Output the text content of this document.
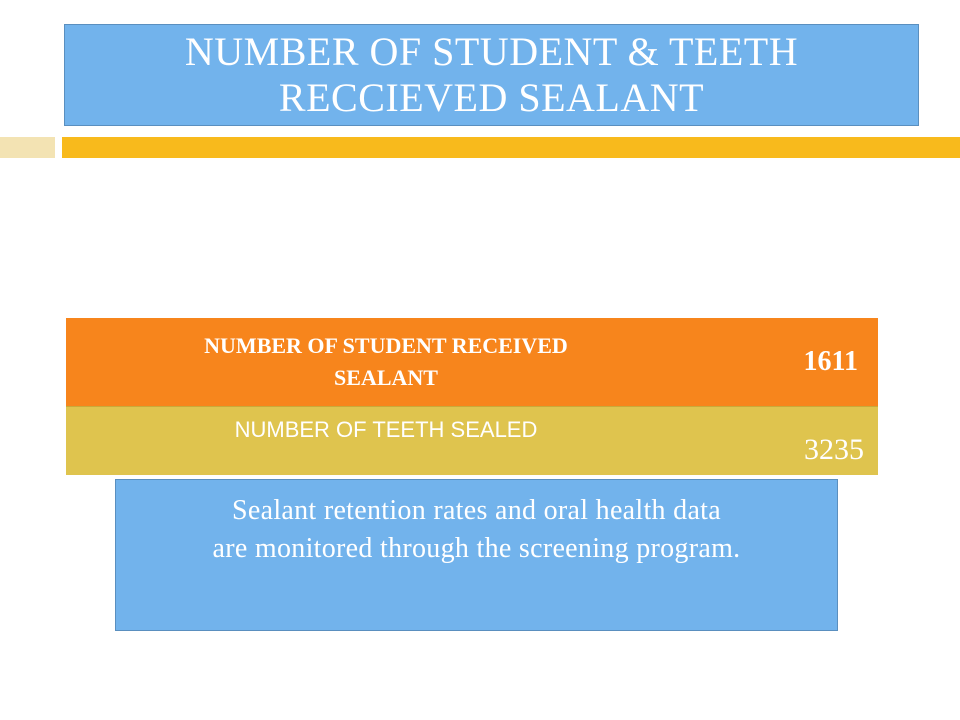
NUMBER OF STUDENT & TEETH
RECCIEVED SEALANT
NUMBER OF STUDENT RECEIVED
SEALANT	1611
NUMBER OF TEETH SEALED	3235
Sealant retention rates and oral health data
are monitored through the screening program.
